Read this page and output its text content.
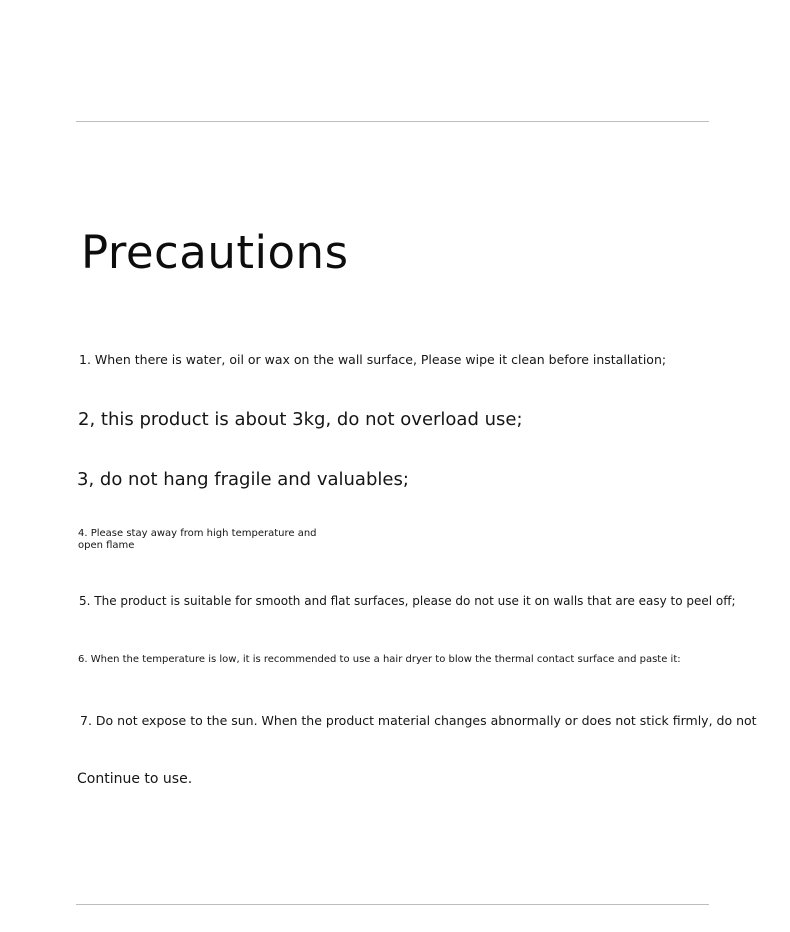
Precautions

1. When there is water, oil or wax on the wall surface, Please wipe it clean before installation;

2, this product is about 3kg, do not overload use;

3, do not hang fragile and valuables;

4. Please stay away from high temperature and open flame

5. The product is suitable for smooth and flat surfaces, please do not use it on walls that are easy to peel off;

6. When the temperature is low, it is recommended to use a hair dryer to blow the thermal contact surface and paste it:

7. Do not expose to the sun. When the product material changes abnormally or does not stick firmly, do not

Continue to use.
